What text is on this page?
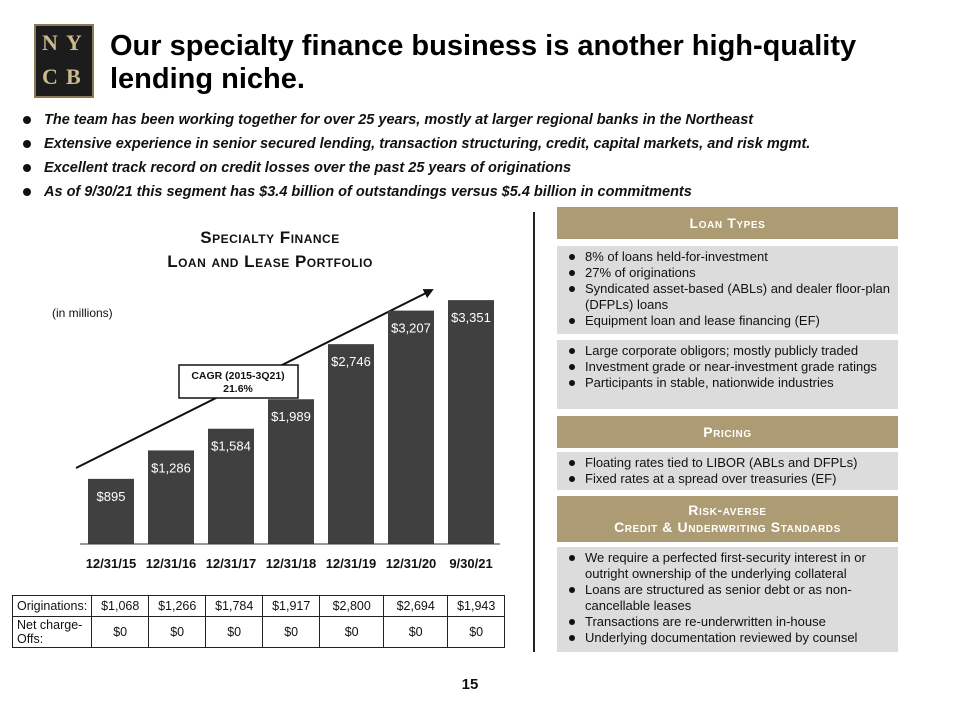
N Y
C B
Our specialty finance business is another high-quality lending niche.
The team has been working together for over 25 years, mostly at larger regional banks in the Northeast
Extensive experience in senior secured lending, transaction structuring, credit, capital markets, and risk mgmt.
Excellent track record on credit losses over the past 25 years of originations
As of 9/30/21 this segment has $3.4 billion of outstandings versus $5.4 billion in commitments
Specialty Finance
Loan and Lease Portfolio
(in millions)
$895
12/31/15
$1,286
12/31/16
$1,584
12/31/17
$1,989
12/31/18
$2,746
12/31/19
$3,207
12/31/20
$3,351
9/30/21
CAGR (2015-3Q21)
21.6%
Originations:	$1,068	$1,266	$1,784	$1,917	$2,800	$2,694	$1,943

Net charge-
Offs:	$0	$0	$0	$0	$0	$0	$0
Loan Types
8% of loans held-for-investment
27% of originations
Syndicated asset-based (ABLs) and dealer floor-plan (DFPLs) loans
Equipment loan and lease financing (EF)
Large corporate obligors; mostly publicly traded
Investment grade or near-investment grade ratings
Participants in stable, nationwide industries
Pricing
Floating rates tied to LIBOR (ABLs and DFPLs)
Fixed rates at a spread over treasuries (EF)
Risk-averse
Credit & Underwriting Standards
We require a perfected first-security interest in or outright ownership of the underlying collateral
Loans are structured as senior debt or as non-cancellable leases
Transactions are re-underwritten in-house
Underlying documentation reviewed by counsel
15
